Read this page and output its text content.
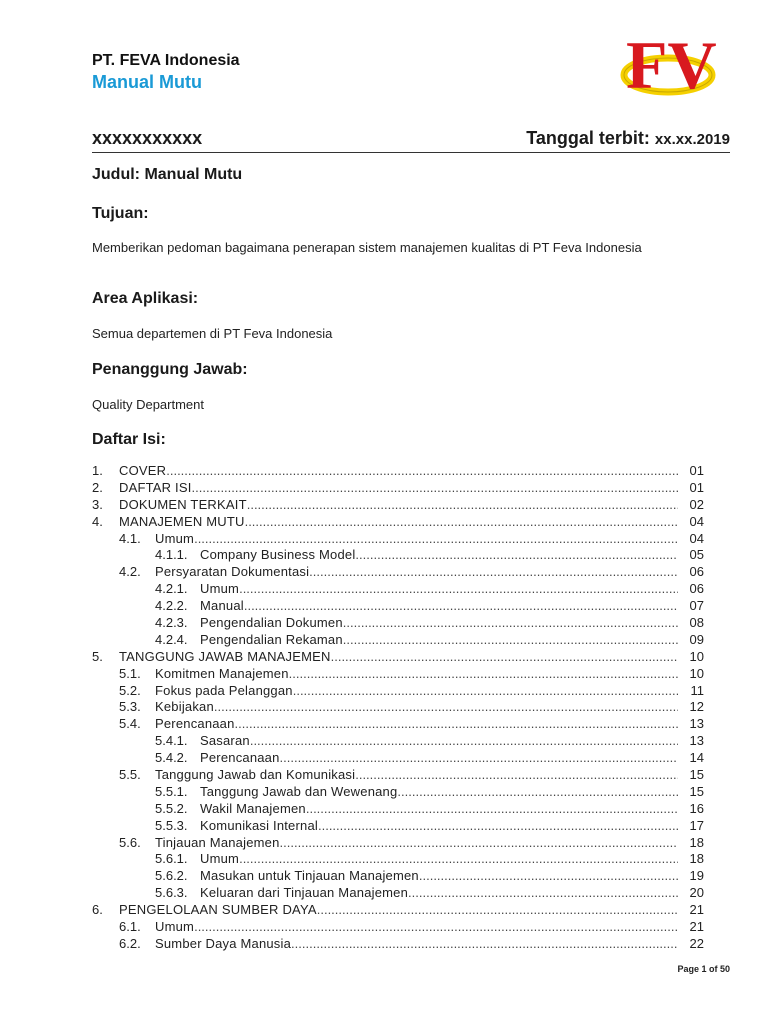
PT. FEVA Indonesia
Manual Mutu	FV
xxxxxxxxxxx	Tanggal terbit: xx.xx.2019
Judul: Manual Mutu
Tujuan:

Memberikan pedoman bagaimana penerapan sistem manajemen kualitas di PT Feva Indonesia

Area Aplikasi:

Semua departemen di PT Feva Indonesia

Penanggung Jawab:

Quality Department

Daftar Isi:
1.	COVER .....	01
2.	DAFTAR ISI .....	01
3.	DOKUMEN TERKAIT .....	02
4.	MANAJEMEN MUTU .....	04
4.1.	Umum .....	04
4.1.1. Company Business Model .....	05
4.2.	Persyaratan Dokumentasi .....	06
4.2.1. Umum .....	06
4.2.2. Manual .....	07
4.2.3. Pengendalian Dokumen .....	08
4.2.4. Pengendalian Rekaman .....	09
5.	TANGGUNG JAWAB MANAJEMEN .....	10
5.1.	Komitmen Manajemen .....	10
5.2.	Fokus pada Pelanggan .....	11
5.3.	Kebijakan .....	12
5.4.	Perencanaan .....	13
5.4.1. Sasaran .....	13
5.4.2. Perencanaan .....	14
5.5.	Tanggung Jawab dan Komunikasi .....	15
5.5.1. Tanggung Jawab dan Wewenang .....	15
5.5.2. Wakil Manajemen .....	16
5.5.3. Komunikasi Internal .....	17
5.6.	Tinjauan Manajemen .....	18
5.6.1. Umum .....	18
5.6.2. Masukan untuk Tinjauan Manajemen .....	19
5.6.3. Keluaran dari Tinjauan Manajemen .....	20
6.	PENGELOLAAN SUMBER DAYA .....	21
6.1.	Umum .....	21
6.2.	Sumber Daya Manusia .....	22
Page 1 of 50
